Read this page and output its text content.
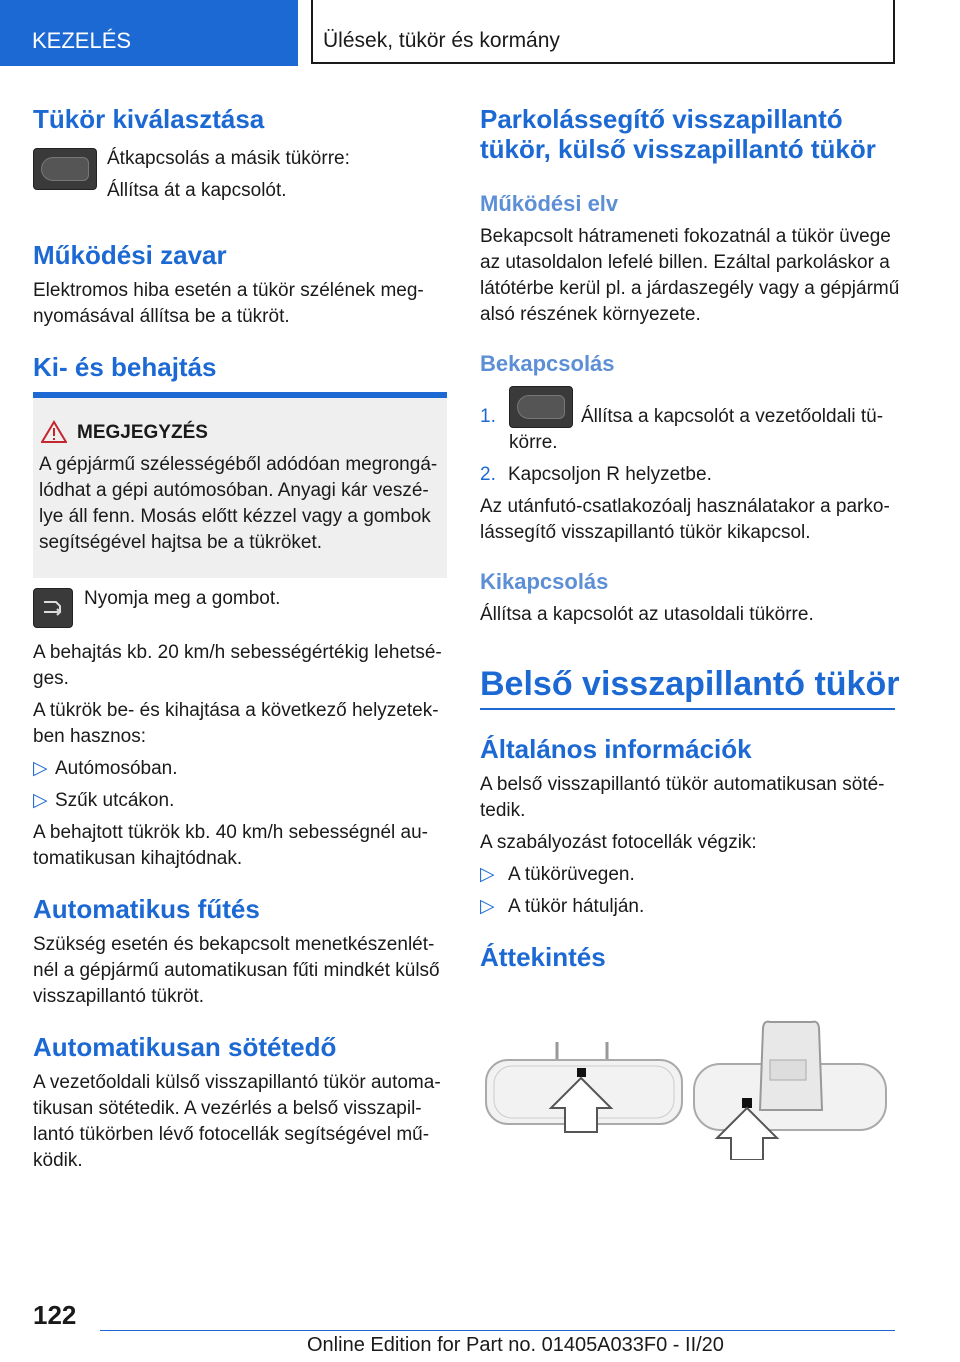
KEZELÉS	Ülések, tükör és kormány
Tükör kiválasztása

Átkapcsolás a másik tükörre:

Állítsa át a kapcsolót.

Működési zavar

Elektromos hiba esetén a tükör szélének meg-

nyomásával állítsa be a tükröt.

Ki- és behajtás

MEGJEGYZÉS

A gépjármű szélességéből adódóan megrongá-

lódhat a gépi autómosóban. Anyagi kár veszé-

lye áll fenn. Mosás előtt kézzel vagy a gombok

segítségével hajtsa be a tükröket.

Nyomja meg a gombot.

A behajtás kb. 20 km/h sebességértékig lehetsé-

ges.

A tükrök be- és kihajtása a következő helyzetek-

ben hasznos:

▷ Autómosóban.

▷ Szűk utcákon.

A behajtott tükrök kb. 40 km/h sebességnél au-

tomatikusan kihajtódnak.

Automatikus fűtés

Szükség esetén és bekapcsolt menetkészenlét-

nél a gépjármű automatikusan fűti mindkét külső

visszapillantó tükröt.

Automatikusan sötétedő

A vezetőoldali külső visszapillantó tükör automa-

tikusan sötétedik. A vezérlés a belső visszapil-

lantó tükörben lévő fotocellák segítségével mű-

ködik.

Parkolássegítő visszapillantó
tükör, külső visszapillantó tükör
Működési elv

Bekapcsolt hátrameneti fokozatnál a tükör üvege

az utasoldalon lefelé billen. Ezáltal parkoláskor a

látótérbe kerül pl. a járdaszegély vagy a gépjármű

alsó részének környezete.

Bekapcsolás

1.	Állítsa a kapcsolót a vezetőoldali tü-

körre.

2. Kapcsoljon R helyzetbe.

Az utánfutó-csatlakozóalj használatakor a parko-

lássegítő visszapillantó tükör kikapcsol.

Kikapcsolás

Állítsa a kapcsolót az utasoldali tükörre.

Belső visszapillantó tükör
Általános információk

A belső visszapillantó tükör automatikusan söté-

tedik.

A szabályozást fotocellák végzik:

▷ A tükörüvegen.

▷ A tükör hátulján.

Áttekintés
122
Online Edition for Part no. 01405A033F0 - II/20
